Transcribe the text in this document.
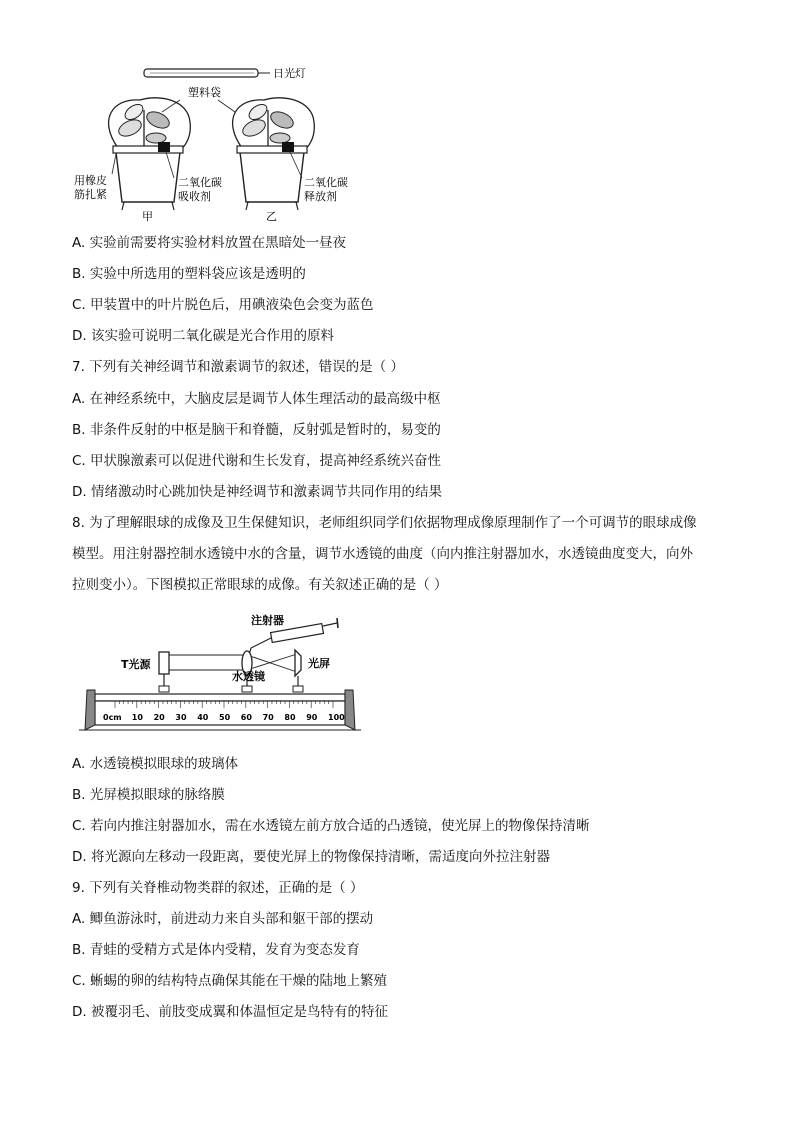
日光灯
塑料袋
用橡皮
筋扎紧
二氧化碳
吸收剂
二氧化碳
释放剂
甲	乙
A. 实验前需要将实验材料放置在黑暗处一昼夜
B. 实验中所选用的塑料袋应该是透明的
C. 甲装置中的叶片脱色后，用碘液染色会变为蓝色
D. 该实验可说明二氧化碳是光合作用的原料
7. 下列有关神经调节和激素调节的叙述，错误的是（ ）
A. 在神经系统中，大脑皮层是调节人体生理活动的最高级中枢
B. 非条件反射的中枢是脑干和脊髓，反射弧是暂时的，易变的
C. 甲状腺激素可以促进代谢和生长发育，提高神经系统兴奋性
D. 情绪激动时心跳加快是神经调节和激素调节共同作用的结果
8. 为了理解眼球的成像及卫生保健知识，老师组织同学们依据物理成像原理制作了一个可调节的眼球成像
模型。用注射器控制水透镜中水的含量，调节水透镜的曲度（向内推注射器加水，水透镜曲度变大，向外
拉则变小）。下图模拟正常眼球的成像。有关叙述正确的是（ ）
注射器
T光源
水透镜
光屏
0cm 10 20 30 40 50 60 70 80 90 100
A. 水透镜模拟眼球的玻璃体
B. 光屏模拟眼球的脉络膜
C. 若向内推注射器加水，需在水透镜左前方放合适的凸透镜，使光屏上的物像保持清晰
D. 将光源向左移动一段距离，要使光屏上的物像保持清晰，需适度向外拉注射器
9. 下列有关脊椎动物类群的叙述，正确的是（ ）
A. 鲫鱼游泳时，前进动力来自头部和躯干部的摆动
B. 青蛙的受精方式是体内受精，发育为变态发育
C. 蜥蜴的卵的结构特点确保其能在干燥的陆地上繁殖
D. 被覆羽毛、前肢变成翼和体温恒定是鸟特有的特征
